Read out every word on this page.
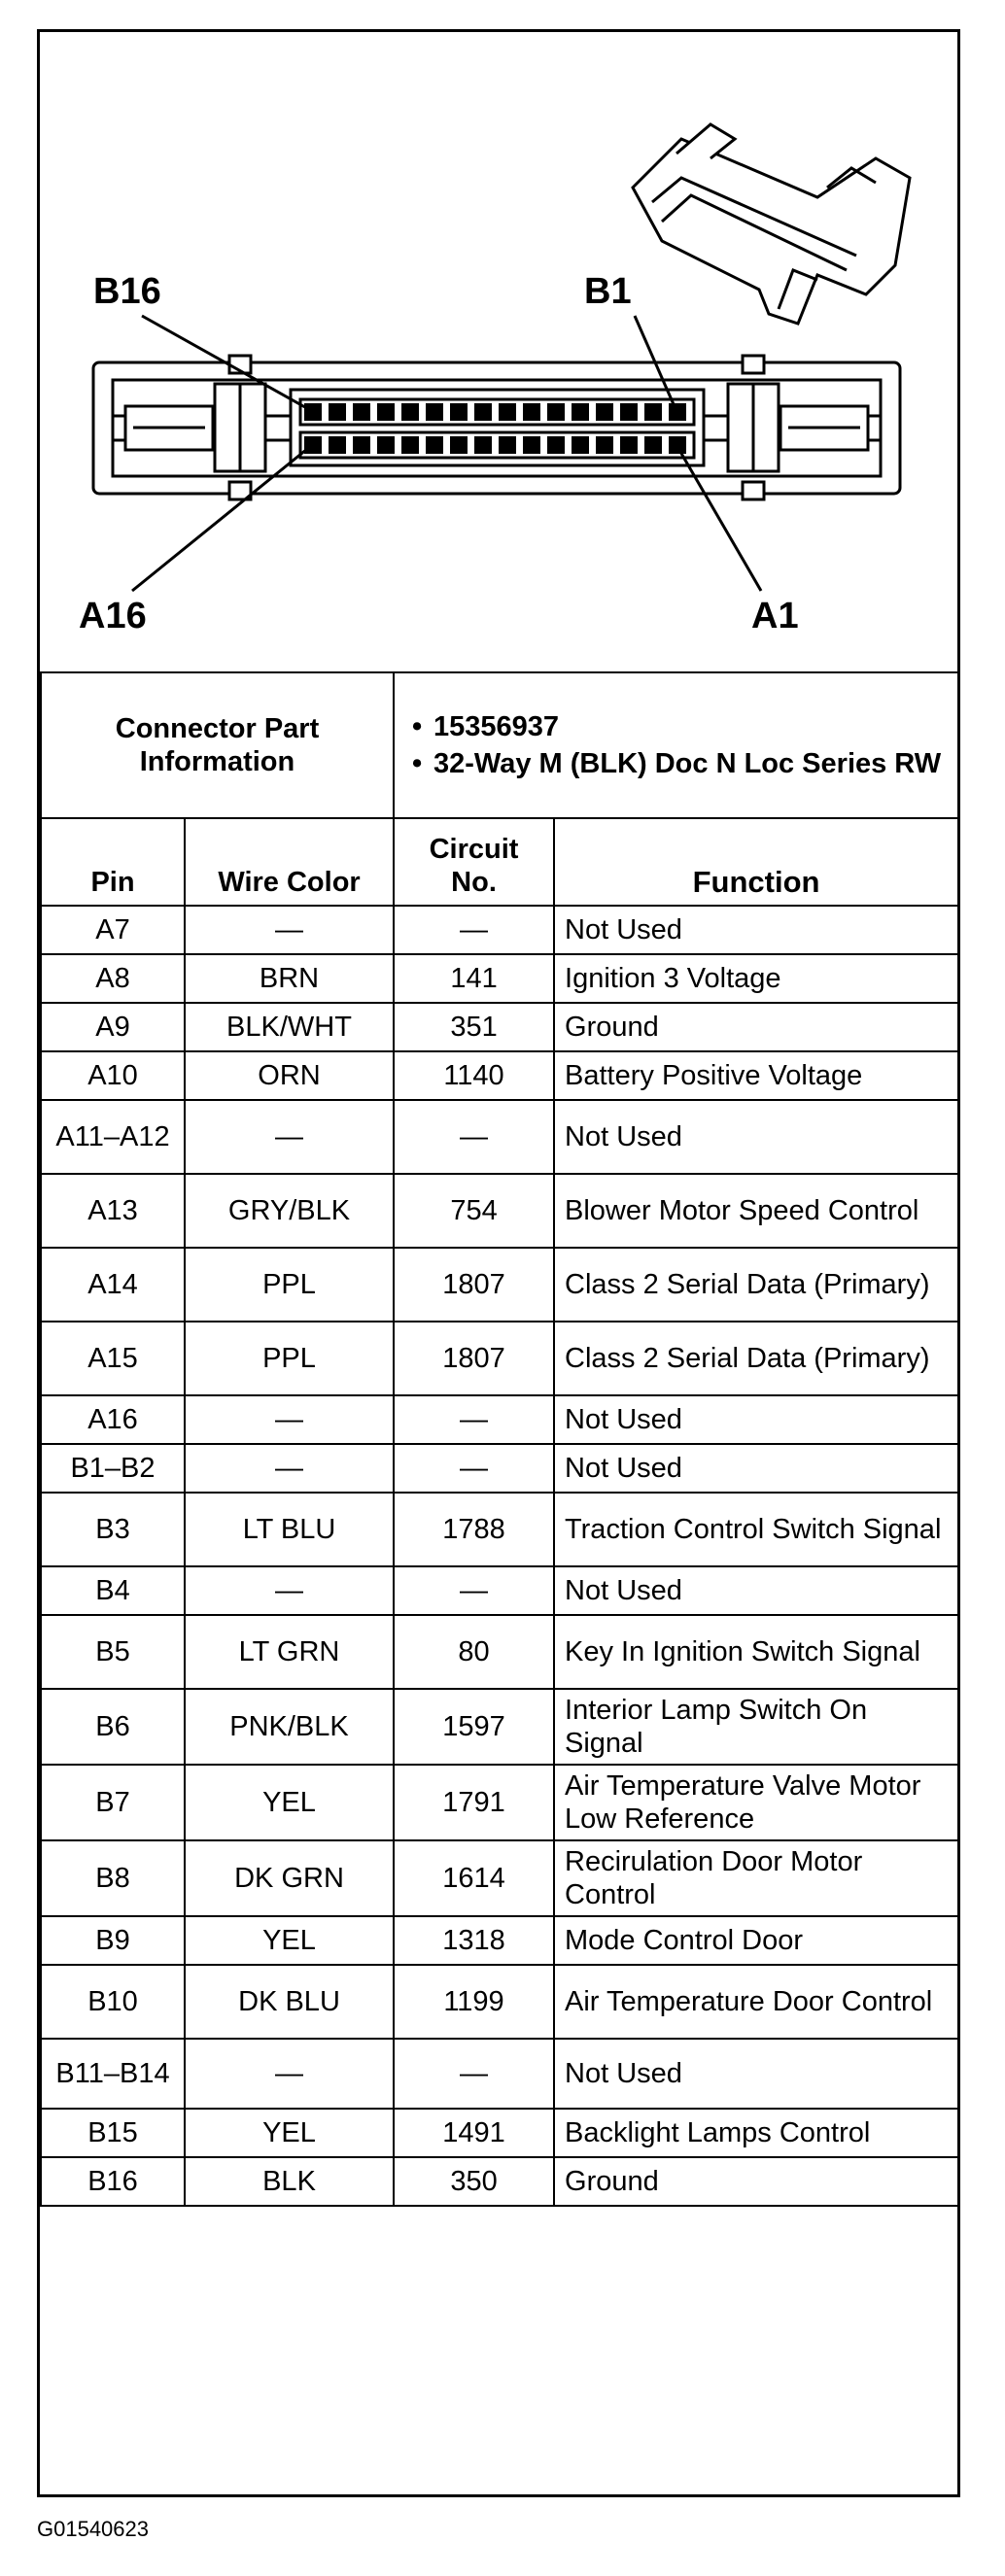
B16	B1
A16	A1
Connector Part Information		• 15356937
• 32-Way M (BLK) Doc N Loc Series RW

Pin	Wire Color	Circuit No.	Function
A7	—	—	Not Used
A8	BRN	141	Ignition 3 Voltage
A9	BLK/WHT	351	Ground
A10	ORN	1140	Battery Positive Voltage
A11–A12	—	—	Not Used
A13	GRY/BLK	754	Blower Motor Speed Control
A14	PPL	1807	Class 2 Serial Data (Primary)
A15	PPL	1807	Class 2 Serial Data (Primary)
A16	—	—	Not Used
B1–B2	—	—	Not Used
B3	LT BLU	1788	Traction Control Switch Signal
B4	—	—	Not Used
B5	LT GRN	80	Key In Ignition Switch Signal
B6	PNK/BLK	1597	Interior Lamp Switch On Signal
B7	YEL	1791	Air Temperature Valve Motor Low Reference
B8	DK GRN	1614	Recirulation Door Motor Control
B9	YEL	1318	Mode Control Door
B10	DK BLU	1199	Air Temperature Door Control
B11–B14	—	—	Not Used
B15	YEL	1491	Backlight Lamps Control
B16	BLK	350	Ground
G01540623
